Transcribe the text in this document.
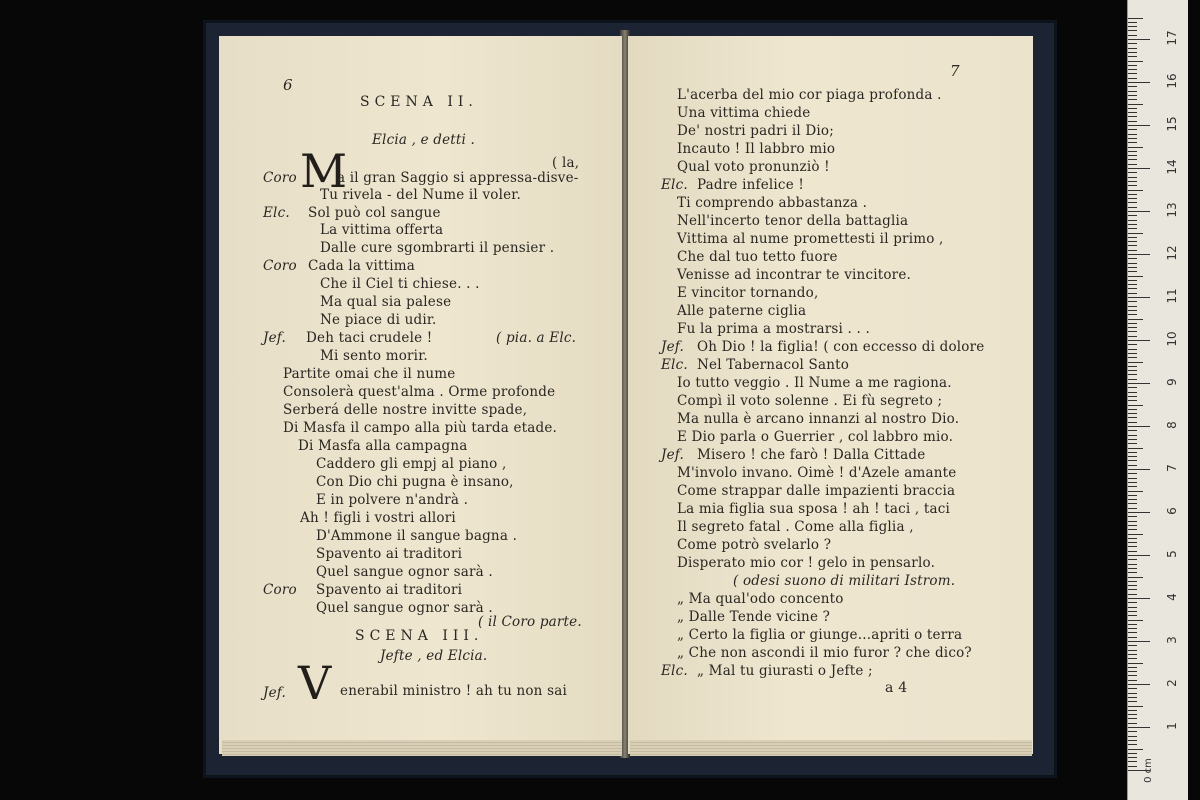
6
SCENA II.
Elcia , e detti .
M	( la,
Coro	a il gran Saggio si appressa-disve-
Tu rivela - del Nume il voler.
Elc. Sol può col sangue
La vittima offerta
Dalle cure sgombrarti il pensier .
Coro Cada la vittima
Che il Ciel ti chiese. . .
Ma qual sia palese
Ne piace di udir.
Jef. Deh taci crudele !
Mi sento morir.
Partite omai che il nume
Consolerà quest'alma . Orme profonde
Serberá delle nostre invitte spade,
Di Masfa il campo alla più tarda etade.
Di Masfa alla campagna
Caddero gli empj al piano ,
Con Dio chi pugna è insano,
E in polvere n'andrà .
Ah ! figli i vostri allori
D'Ammone il sangue bagna .
Spavento ai traditori
Quel sangue ognor sarà .
Coro Spavento ai traditori
Quel sangue ognor sarà .
( pia. a Elc.
( il Coro parte.
SCENA III.
Jefte , ed Elcia.
Jef. V enerabil ministro ! ah tu non sai
7
L'acerba del mio cor piaga profonda .
Una vittima chiede
De' nostri padri il Dio;
Incauto ! Il labbro mio
Qual voto pronunziò !
Elc. Padre infelice !
Ti comprendo abbastanza .
Nell'incerto tenor della battaglia
Vittima al nume promettesti il primo ,
Che dal tuo tetto fuore
Venisse ad incontrar te vincitore.
E vincitor tornando,
Alle paterne ciglia
Fu la prima a mostrarsi . . .
Jef. Oh Dio ! la figlia! ( con eccesso di dolore
Elc. Nel Tabernacol Santo
Io tutto veggio . Il Nume a me ragiona.
Compì il voto solenne . Ei fù segreto ;
Ma nulla è arcano innanzi al nostro Dio.
E Dio parla o Guerrier , col labbro mio.
Jef. Misero ! che farò ! Dalla Cittade
M'involo invano. Oimè ! d'Azele amante
Come strappar dalle impazienti braccia
La mia figlia sua sposa ! ah ! taci , taci
Il segreto fatal . Come alla figlia ,
Come potrò svelarlo ?
Disperato mio cor ! gelo in pensarlo.
( odesi suono di militari Istrom.
„ Ma qual'odo concento
„ Dalle Tende vicine ?
„ Certo la figlia or giunge...apriti o terra
„ Che non ascondi il mio furor ? che dico?
Elc. „ Mal tu giurasti o Jefte ;
a 4
17
16
15
14
13
12
11
10
9
8
7
6
5
4
3
2
1
0 cm
